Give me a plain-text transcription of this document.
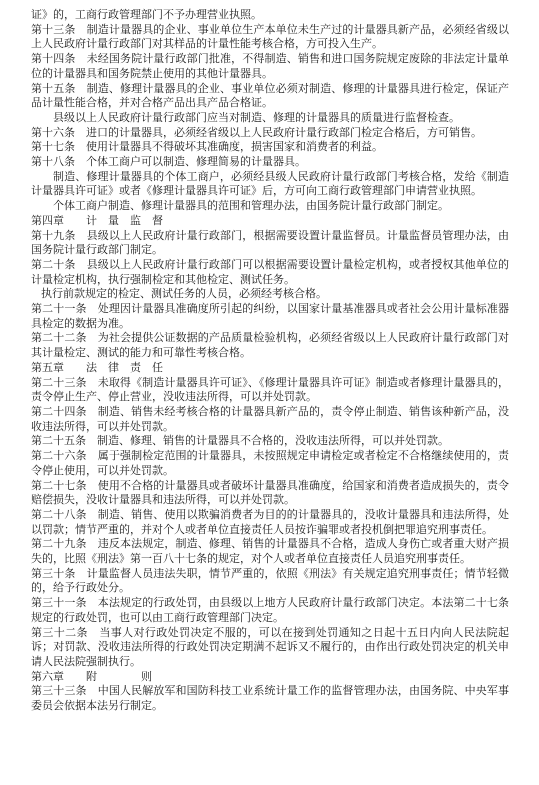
证》的，工商行政管理部门不予办理营业执照。

第十三条　制造计量器具的企业、事业单位生产本单位未生产过的计量器具新产品，必须经省级以上人民政府计量行政部门对其样品的计量性能考核合格，方可投入生产。

第十四条　未经国务院计量行政部门批准，不得制造、销售和进口国务院规定废除的非法定计量单位的计量器具和国务院禁止使用的其他计量器具。

第十五条　制造、修理计量器具的企业、事业单位必须对制造、修理的计量器具进行检定，保证产品计量性能合格，并对合格产品出具产品合格证。

县级以上人民政府计量行政部门应当对制造、修理的计量器具的质量进行监督检查。

第十六条　进口的计量器具，必须经省级以上人民政府计量行政部门检定合格后，方可销售。

第十七条　使用计量器具不得破坏其准确度，损害国家和消费者的利益。

第十八条　个体工商户可以制造、修理简易的计量器具。

制造、修理计量器具的个体工商户，必须经县级人民政府计量行政部门考核合格，发给《制造计量器具许可证》或者《修理计量器具许可证》后，方可向工商行政管理部门申请营业执照。

个体工商户制造、修理计量器具的范围和管理办法，由国务院计量行政部门制定。

第四章　　计　量　监　督

第十九条　县级以上人民政府计量行政部门，根据需要设置计量监督员。计量监督员管理办法，由国务院计量行政部门制定。

第二十条　县级以上人民政府计量行政部门可以根据需要设置计量检定机构，或者授权其他单位的计量检定机构，执行强制检定和其他检定、测试任务。

执行前款规定的检定、测试任务的人员，必须经考核合格。

第二十一条　处理因计量器具准确度所引起的纠纷，以国家计量基准器具或者社会公用计量标准器具检定的数据为准。

第二十二条　为社会提供公证数据的产品质量检验机构，必须经省级以上人民政府计量行政部门对其计量检定、测试的能力和可靠性考核合格。

第五章　　法　律　责　任

第二十三条　未取得《制造计量器具许可证》、《修理计量器具许可证》制造或者修理计量器具的，责令停止生产、停止营业，没收违法所得，可以并处罚款。

第二十四条　制造、销售未经考核合格的计量器具新产品的，责令停止制造、销售该种新产品，没收违法所得，可以并处罚款。

第二十五条　制造、修理、销售的计量器具不合格的，没收违法所得，可以并处罚款。

第二十六条　属于强制检定范围的计量器具，未按照规定申请检定或者检定不合格继续使用的，责令停止使用，可以并处罚款。

第二十七条　使用不合格的计量器具或者破坏计量器具准确度，给国家和消费者造成损失的，责令赔偿损失，没收计量器具和违法所得，可以并处罚款。

第二十八条　制造、销售、使用以欺骗消费者为目的的计量器具的，没收计量器具和违法所得，处以罚款；情节严重的，并对个人或者单位直接责任人员按诈骗罪或者投机倒把罪追究刑事责任。

第二十九条　违反本法规定，制造、修理、销售的计量器具不合格，造成人身伤亡或者重大财产损失的，比照《刑法》第一百八十七条的规定，对个人或者单位直接责任人员追究刑事责任。

第三十条　计量监督人员违法失职，情节严重的，依照《刑法》有关规定追究刑事责任；情节轻微的，给予行政处分。

第三十一条　本法规定的行政处罚，由县级以上地方人民政府计量行政部门决定。本法第二十七条规定的行政处罚，也可以由工商行政管理部门决定。

第三十二条　当事人对行政处罚决定不服的，可以在接到处罚通知之日起十五日内向人民法院起诉；对罚款、没收违法所得的行政处罚决定期满不起诉又不履行的，由作出行政处罚决定的机关申请人民法院强制执行。

第六章　　附　　　　则

第三十三条　中国人民解放军和国防科技工业系统计量工作的监督管理办法，由国务院、中央军事委员会依据本法另行制定。
